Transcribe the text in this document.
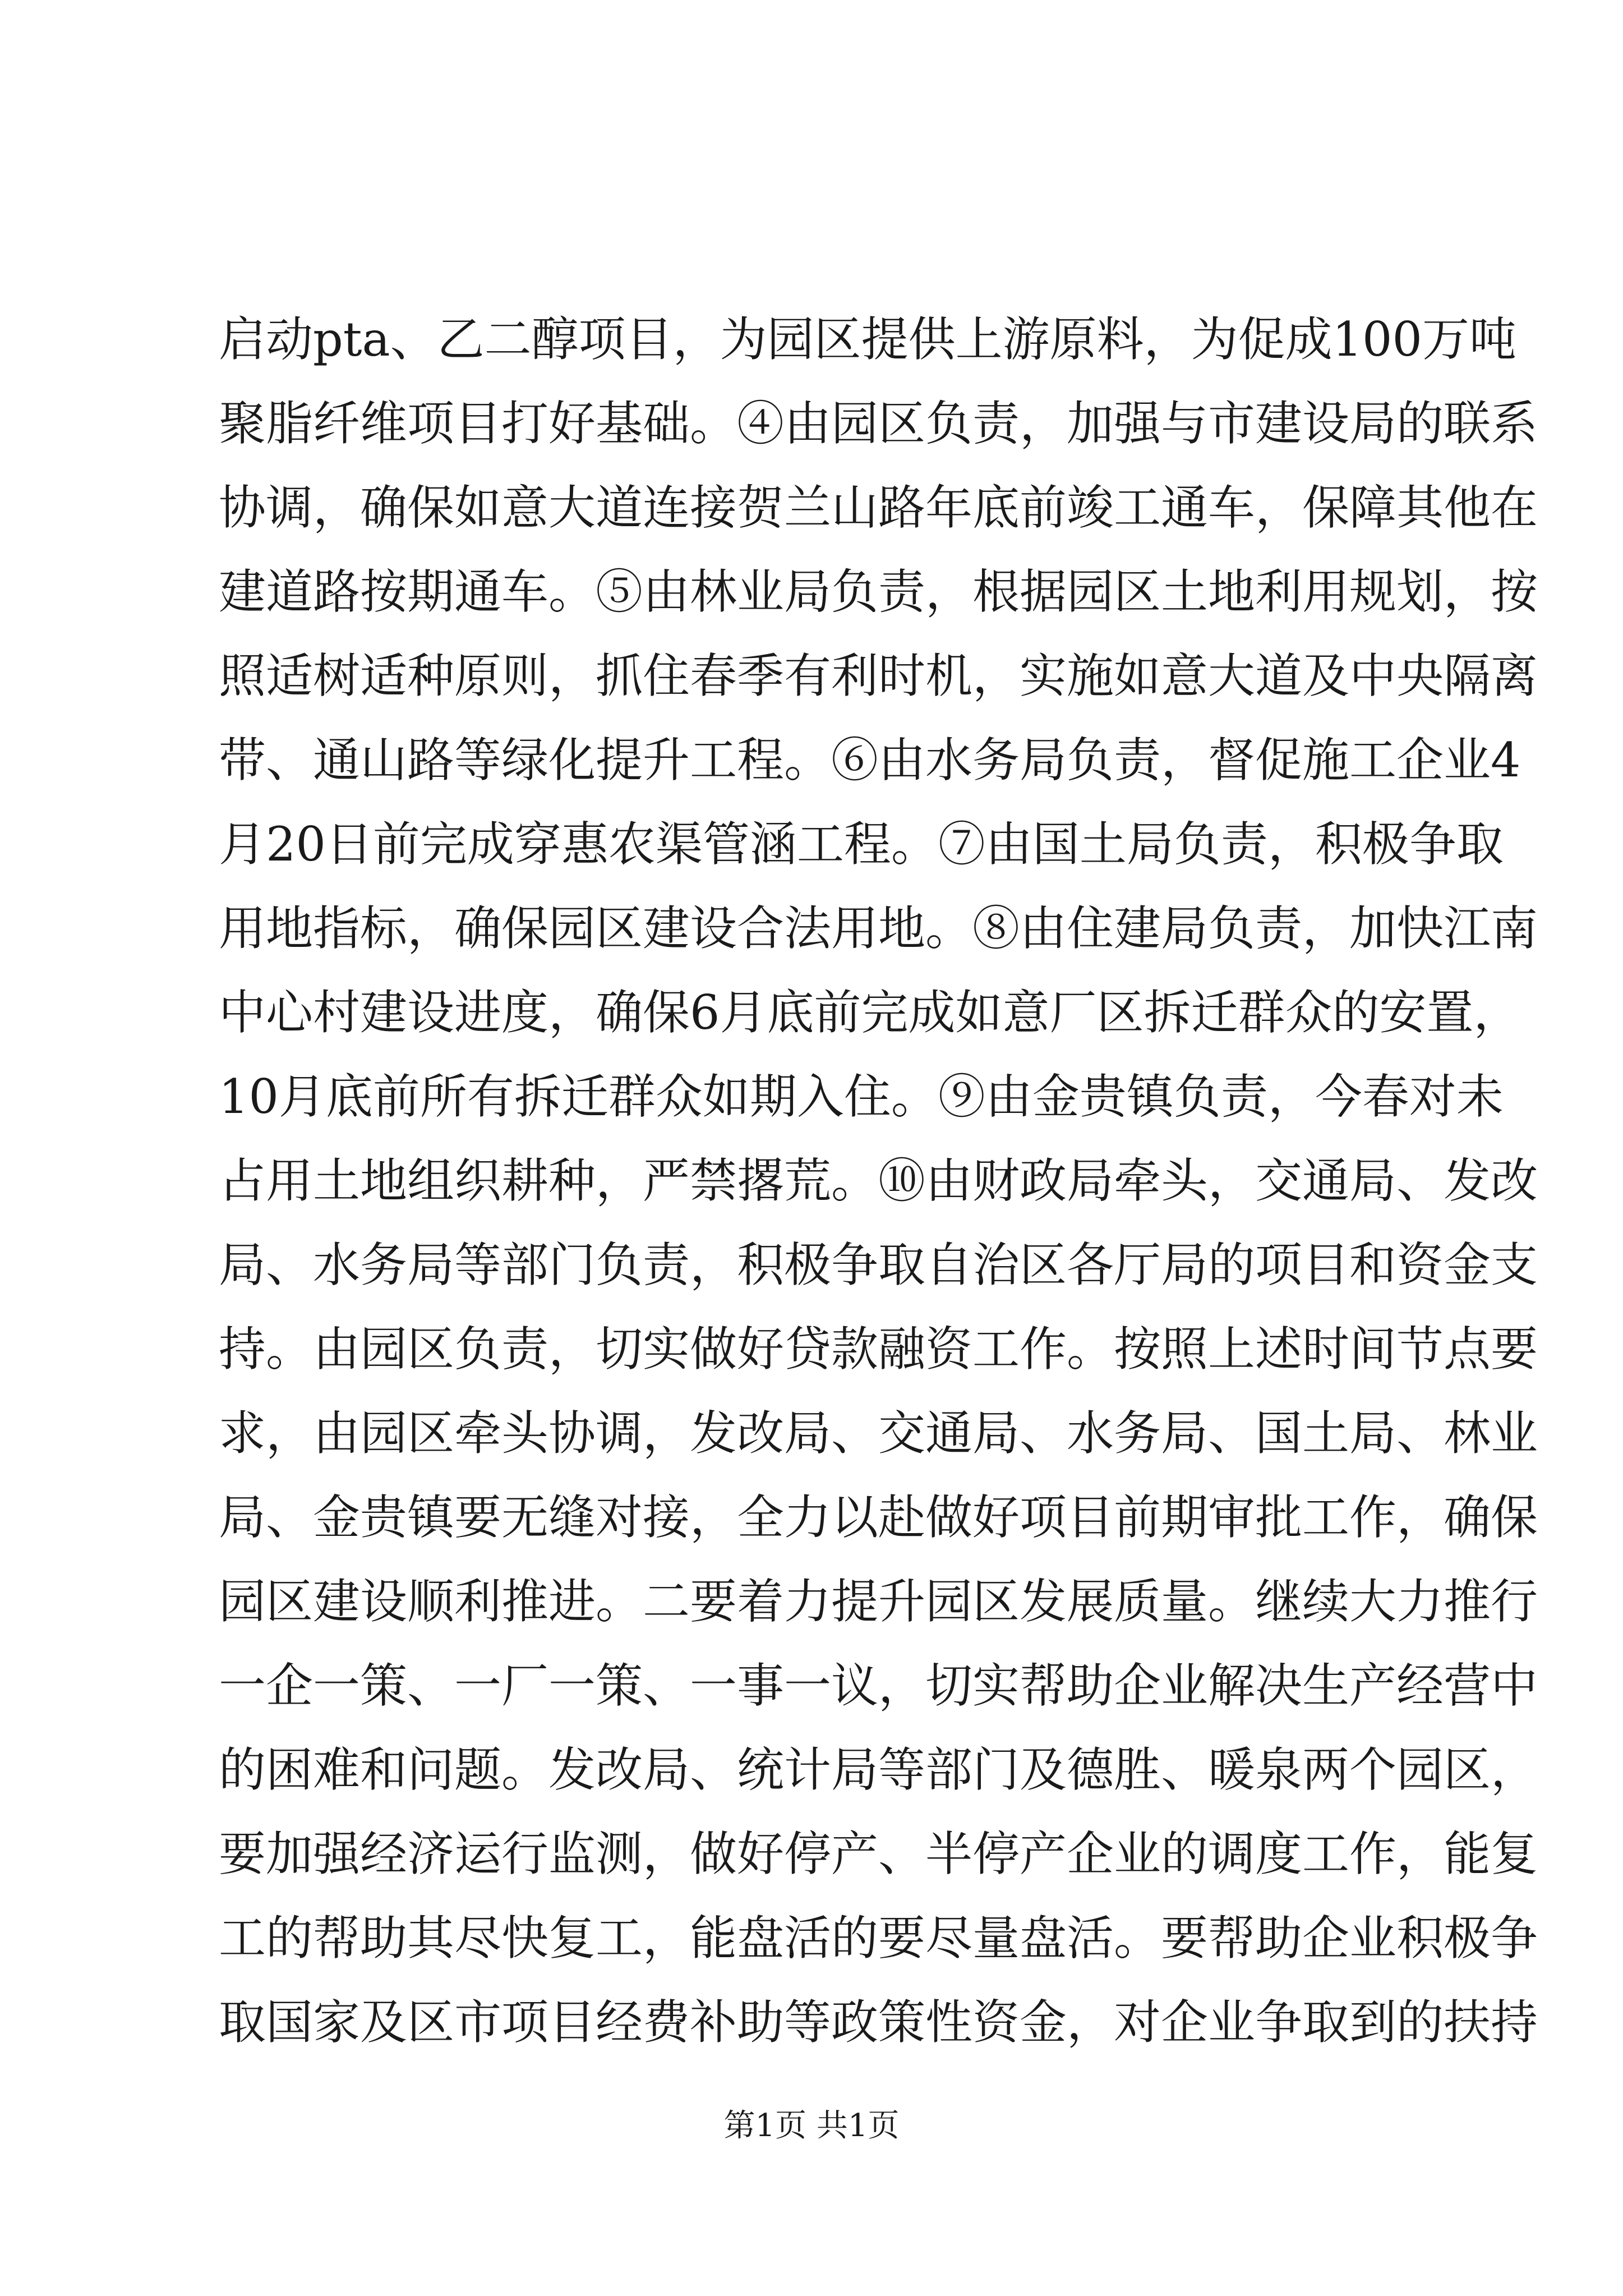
启动pta、乙二醇项目，为园区提供上游原料，为促成100万吨
聚脂纤维项目打好基础。④由园区负责，加强与市建设局的联系
协调，确保如意大道连接贺兰山路年底前竣工通车，保障其他在
建道路按期通车。⑤由林业局负责，根据园区土地利用规划，按
照适树适种原则，抓住春季有利时机，实施如意大道及中央隔离
带、通山路等绿化提升工程。⑥由水务局负责，督促施工企业4
月20日前完成穿惠农渠管涵工程。⑦由国土局负责，积极争取
用地指标，确保园区建设合法用地。⑧由住建局负责，加快江南
中心村建设进度，确保6月底前完成如意厂区拆迁群众的安置，
10月底前所有拆迁群众如期入住。⑨由金贵镇负责，今春对未
占用土地组织耕种，严禁撂荒。⑩由财政局牵头，交通局、发改
局、水务局等部门负责，积极争取自治区各厅局的项目和资金支
持。由园区负责，切实做好贷款融资工作。按照上述时间节点要
求，由园区牵头协调，发改局、交通局、水务局、国土局、林业
局、金贵镇要无缝对接，全力以赴做好项目前期审批工作，确保
园区建设顺利推进。二要着力提升园区发展质量。继续大力推行
一企一策、一厂一策、一事一议，切实帮助企业解决生产经营中
的困难和问题。发改局、统计局等部门及德胜、暖泉两个园区，
要加强经济运行监测，做好停产、半停产企业的调度工作，能复
工的帮助其尽快复工，能盘活的要尽量盘活。要帮助企业积极争
取国家及区市项目经费补助等政策性资金，对企业争取到的扶持
第1页 共1页
